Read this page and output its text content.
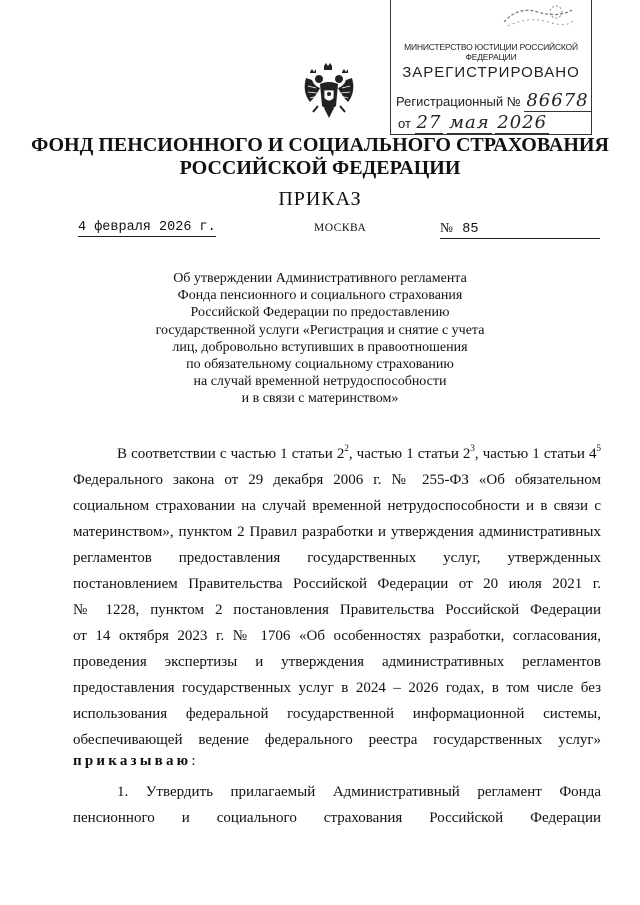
МИНИСТЕРСТВО ЮСТИЦИИ РОССИЙСКОЙ ФЕДЕРАЦИИ
ЗАРЕГИСТРИРОВАНО
Регистрационный № 86678
от 27 мая 2026
ФОНД ПЕНСИОННОГО И СОЦИАЛЬНОГО СТРАХОВАНИЯ
РОССИЙСКОЙ ФЕДЕРАЦИИ
ПРИКАЗ
4 февраля 2026 г.	МОСКВА	№ 85
Об утверждении Административного регламента
Фонда пенсионного и социального страхования
Российской Федерации по предоставлению
государственной услуги «Регистрация и снятие с учета
лиц, добровольно вступивших в правоотношения
по обязательному социальному страхованию
на случай временной нетрудоспособности
и в связи с материнством»
В соответствии с частью 1 статьи $2^2$, частью 1 статьи $2^3$, частью 1 статьи $4^5$
Федерального закона от 29 декабря 2006 г. № 255-ФЗ «Об обязательном
социальном страховании на случай временной нетрудоспособности и в связи с
материнством», пунктом 2 Правил разработки и утверждения административных
регламентов предоставления государственных услуг, утвержденных
постановлением Правительства Российской Федерации от 20 июля 2021 г.
№ 1228, пунктом 2 постановления Правительства Российской Федерации
от 14 октября 2023 г. № 1706 «Об особенностях разработки, согласования,
проведения экспертизы и утверждения административных регламентов
предоставления государственных услуг в 2024 – 2026 годах, в том числе без
использования федеральной государственной информационной системы,
обеспечивающей ведение федерального реестра государственных услуг»
приказываю:
1. Утвердить прилагаемый Административный регламент Фонда
пенсионного и социального страхования Российской Федерации
